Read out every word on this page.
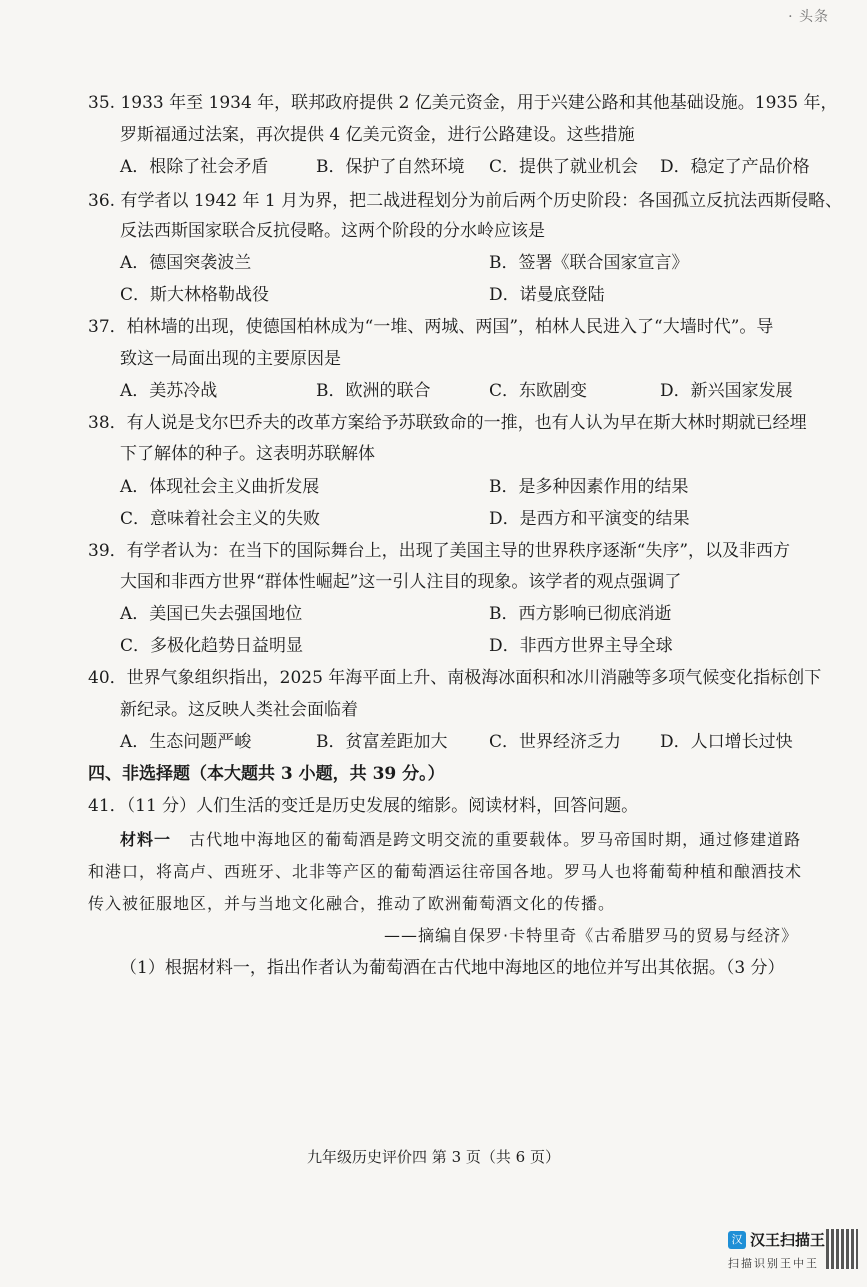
· 头条
35. 1933 年至 1934 年，联邦政府提供 2 亿美元资金，用于兴建公路和其他基础设施。1935 年，
罗斯福通过法案，再次提供 4 亿美元资金，进行公路建设。这些措施
A．根除了社会矛盾	B．保护了自然环境 C．提供了就业机会 D．稳定了产品价格
36. 有学者以 1942 年 1 月为界，把二战进程划分为前后两个历史阶段：各国孤立反抗法西斯侵略、
反法西斯国家联合反抗侵略。这两个阶段的分水岭应该是
A．德国突袭波兰	B．签署《联合国家宣言》
C．斯大林格勒战役	D．诺曼底登陆
37．柏林墙的出现，使德国柏林成为“一堆、两城、两国”，柏林人民进入了“大墙时代”。导
致这一局面出现的主要原因是
A．美苏冷战	B．欧洲的联合	C．东欧剧变	D．新兴国家发展
38．有人说是戈尔巴乔夫的改革方案给予苏联致命的一推，也有人认为早在斯大林时期就已经埋
下了解体的种子。这表明苏联解体
A．体现社会主义曲折发展	B．是多种因素作用的结果
C．意味着社会主义的失败	D．是西方和平演变的结果
39．有学者认为：在当下的国际舞台上，出现了美国主导的世界秩序逐渐“失序”，以及非西方
大国和非西方世界“群体性崛起”这一引人注目的现象。该学者的观点强调了
A．美国已失去强国地位	B．西方影响已彻底消逝
C．多极化趋势日益明显	D．非西方世界主导全球
40．世界气象组织指出，2025 年海平面上升、南极海冰面积和冰川消融等多项气候变化指标创下
新纪录。这反映人类社会面临着
A．生态问题严峻	B．贫富差距加大 C．世界经济乏力 D．人口增长过快
四、非选择题（本大题共 3 小题，共 39 分。）
41．（11 分）人们生活的变迁是历史发展的缩影。阅读材料，回答问题。
材料一 古代地中海地区的葡萄酒是跨文明交流的重要载体。罗马帝国时期，通过修建道路
和港口，将高卢、西班牙、北非等产区的葡萄酒运往帝国各地。罗马人也将葡萄种植和酿酒技术
传入被征服地区，并与当地文化融合，推动了欧洲葡萄酒文化的传播。
——摘编自保罗·卡特里奇《古希腊罗马的贸易与经济》
（1）根据材料一，指出作者认为葡萄酒在古代地中海地区的地位并写出其依据。（3 分）
九年级历史评价四 第 3 页（共 6 页）
汉 汉王扫描王
扫描识别王中王
